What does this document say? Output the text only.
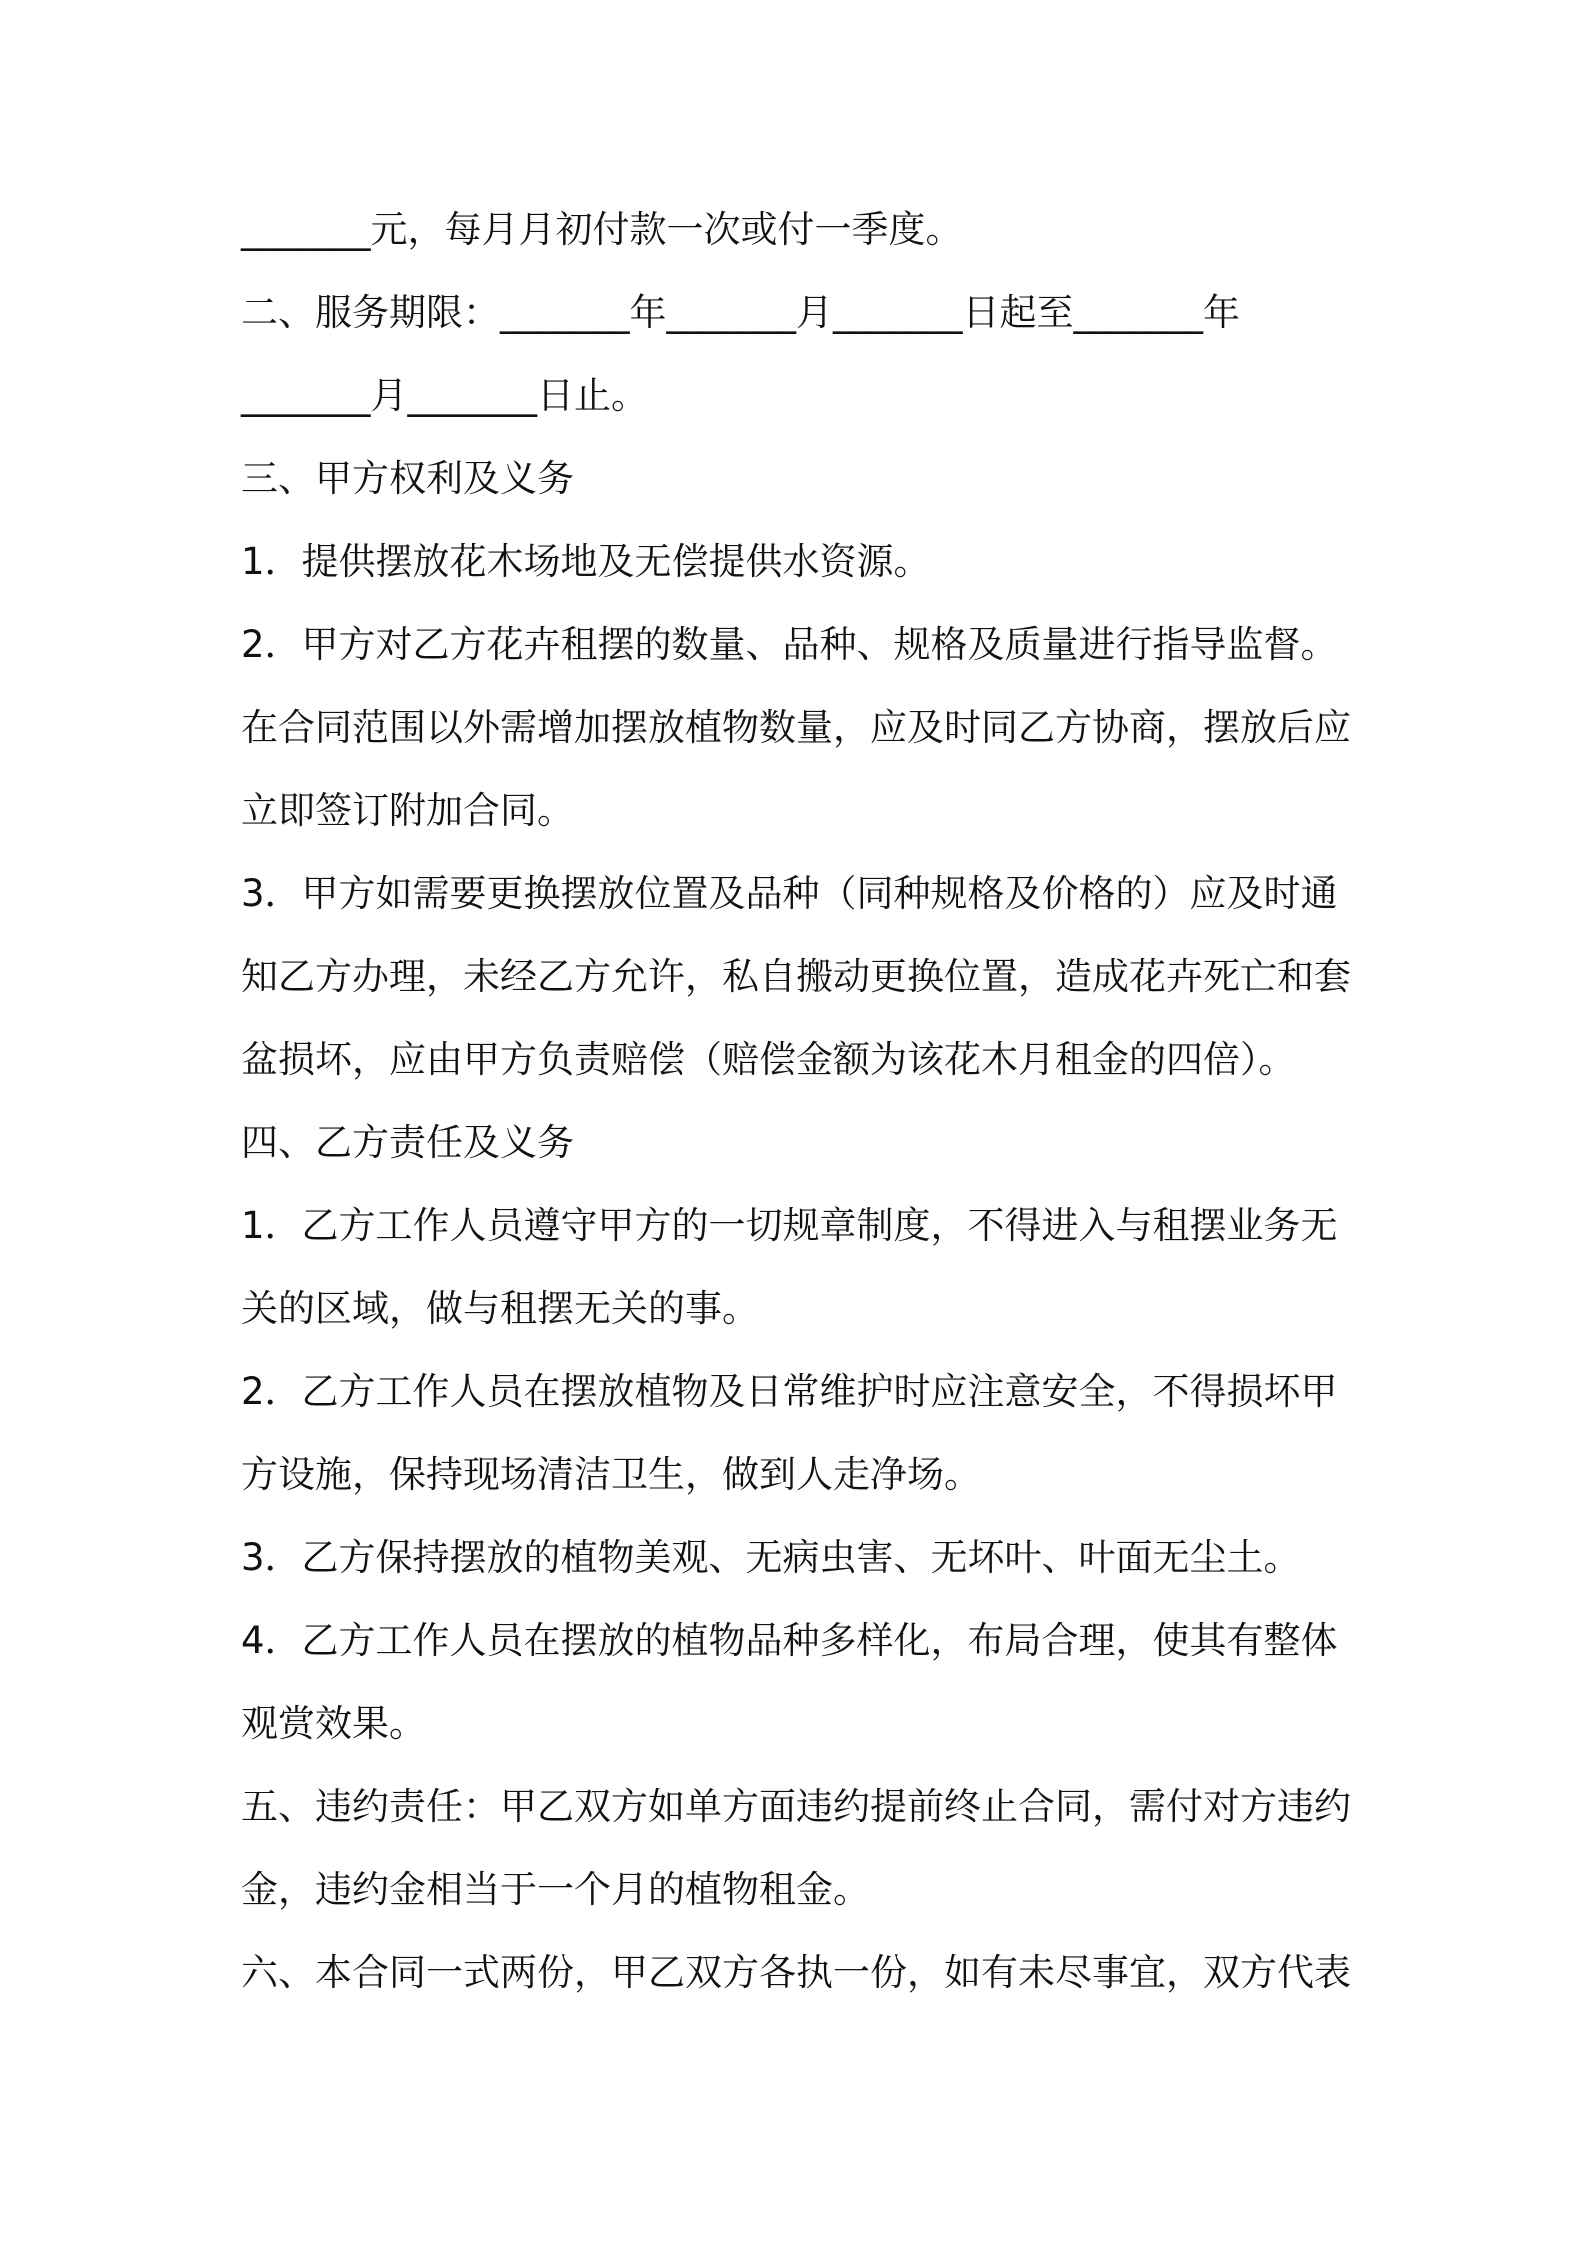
_______元，每月月初付款一次或付一季度。

二、服务期限：_______年_______月_______日起至_______年

_______月_______日止。

三、甲方权利及义务

1．提供摆放花木场地及无偿提供水资源。

2．甲方对乙方花卉租摆的数量、品种、规格及质量进行指导监督。

在合同范围以外需增加摆放植物数量，应及时同乙方协商，摆放后应

立即签订附加合同。

3．甲方如需要更换摆放位置及品种（同种规格及价格的）应及时通

知乙方办理，未经乙方允许，私自搬动更换位置，造成花卉死亡和套

盆损坏，应由甲方负责赔偿（赔偿金额为该花木月租金的四倍）。

四、乙方责任及义务

1．乙方工作人员遵守甲方的一切规章制度，不得进入与租摆业务无

关的区域，做与租摆无关的事。

2．乙方工作人员在摆放植物及日常维护时应注意安全，不得损坏甲

方设施，保持现场清洁卫生，做到人走净场。

3．乙方保持摆放的植物美观、无病虫害、无坏叶、叶面无尘土。

4．乙方工作人员在摆放的植物品种多样化，布局合理，使其有整体

观赏效果。

五、违约责任：甲乙双方如单方面违约提前终止合同，需付对方违约

金，违约金相当于一个月的植物租金。

六、本合同一式两份，甲乙双方各执一份，如有未尽事宜，双方代表
